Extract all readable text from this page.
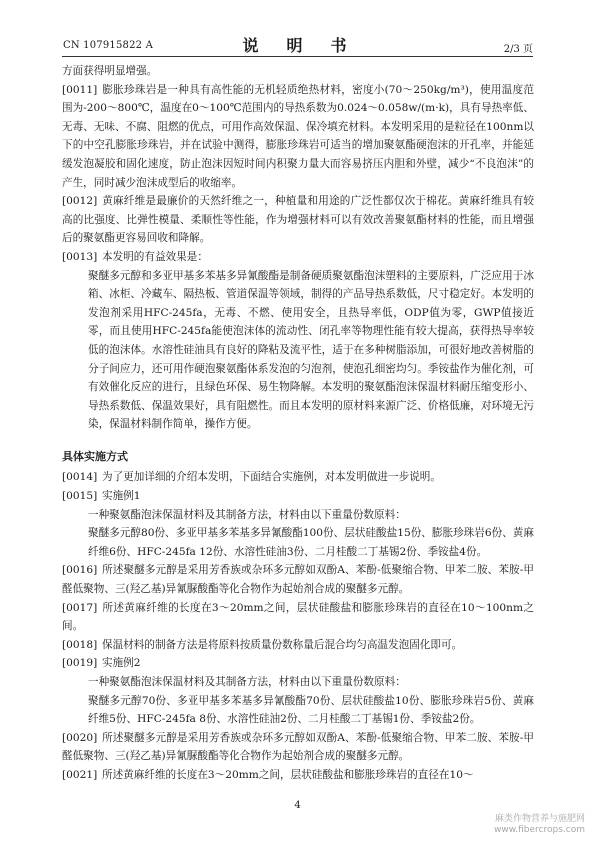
CN 107915822 A	说　明　书	2/3 页

方面获得明显增强。

[0011] 膨胀珍珠岩是一种具有高性能的无机轻质绝热材料，密度小(70～250kg/m³)，使用温度范围为-200～800℃，温度在0～100℃范围内的导热系数为0.024～0.058w/(m·k)，具有导热率低、无毒、无味、不腐、阻燃的优点，可用作高效保温、保冷填充材料。本发明采用的是粒径在100nm以下的中空孔膨胀珍珠岩，并在试验中测得，膨胀珍珠岩可适当的增加聚氨酯硬泡沫的开孔率，并能延缓发泡凝胶和固化速度，防止泡沫因短时间内积聚力量大而容易挤压内胆和外壁，减少“不良泡沫”的产生，同时减少泡沫成型后的收缩率。

[0012] 黄麻纤维是最廉价的天然纤维之一，种植量和用途的广泛性都仅次于棉花。黄麻纤维具有较高的比强度、比弹性模量、柔顺性等性能，作为增强材料可以有效改善聚氨酯材料的性能，而且增强后的聚氨酯更容易回收和降解。

[0013] 本发明的有益效果是：

聚醚多元醇和多亚甲基多苯基多异氰酸酯是制备硬质聚氨酯泡沫塑料的主要原料，广泛应用于冰箱、冰柜、冷藏车、隔热板、管道保温等领域，制得的产品导热系数低，尺寸稳定好。本发明的发泡剂采用HFC-245fa，无毒、不燃、使用安全，且热导率低，ODP值为零，GWP值接近零，而且使用HFC-245fa能使泡沫体的流动性、闭孔率等物理性能有较大提高，获得热导率较低的泡沫体。水溶性硅油具有良好的降粘及流平性，适于在多种树脂添加，可很好地改善树脂的分子间应力，还可用作硬泡聚氨酯体系发泡的匀泡剂，使泡孔细密均匀。季铵盐作为催化剂，可有效催化反应的进行，且绿色环保、易生物降解。本发明的聚氨酯泡沫保温材料耐压缩变形小、导热系数低、保温效果好，具有阻燃性。而且本发明的原材料来源广泛、价格低廉，对环境无污染，保温材料制作简单，操作方便。

具体实施方式

[0014] 为了更加详细的介绍本发明，下面结合实施例，对本发明做进一步说明。

[0015] 实施例1

一种聚氨酯泡沫保温材料及其制备方法，材料由以下重量份数原料：

聚醚多元醇80份、多亚甲基多苯基多异氰酸酯100份、层状硅酸盐15份、膨胀珍珠岩6份、黄麻纤维6份、HFC-245fa 12份、水溶性硅油3份、二月桂酸二丁基锡2份、季铵盐4份。

[0016] 所述聚醚多元醇是采用芳香族或杂环多元醇如双酚A、苯酚-低聚缩合物、甲苯二胺、苯胺-甲醛低聚物、三(羟乙基)异氰脲酸酯等化合物作为起始剂合成的聚醚多元醇。

[0017] 所述黄麻纤维的长度在3～20mm之间，层状硅酸盐和膨胀珍珠岩的直径在10～100nm之间。

[0018] 保温材料的制备方法是将原料按质量份数称量后混合均匀高温发泡固化即可。

[0019] 实施例2

一种聚氨酯泡沫保温材料及其制备方法，材料由以下重量份数原料：

聚醚多元醇70份、多亚甲基多苯基多异氰酸酯70份、层状硅酸盐10份、膨胀珍珠岩5份、黄麻纤维5份、HFC-245fa 8份、水溶性硅油2份、二月桂酸二丁基锡1份、季铵盐2份。

[0020] 所述聚醚多元醇是采用芳香族或杂环多元醇如双酚A、苯酚-低聚缩合物、甲苯二胺、苯胺-甲醛低聚物、三(羟乙基)异氰脲酸酯等化合物作为起始剂合成的聚醚多元醇。

[0021] 所述黄麻纤维的长度在3～20mm之间，层状硅酸盐和膨胀珍珠岩的直径在10～

4
麻类作物营养与施肥网
www.fibercrops.com
